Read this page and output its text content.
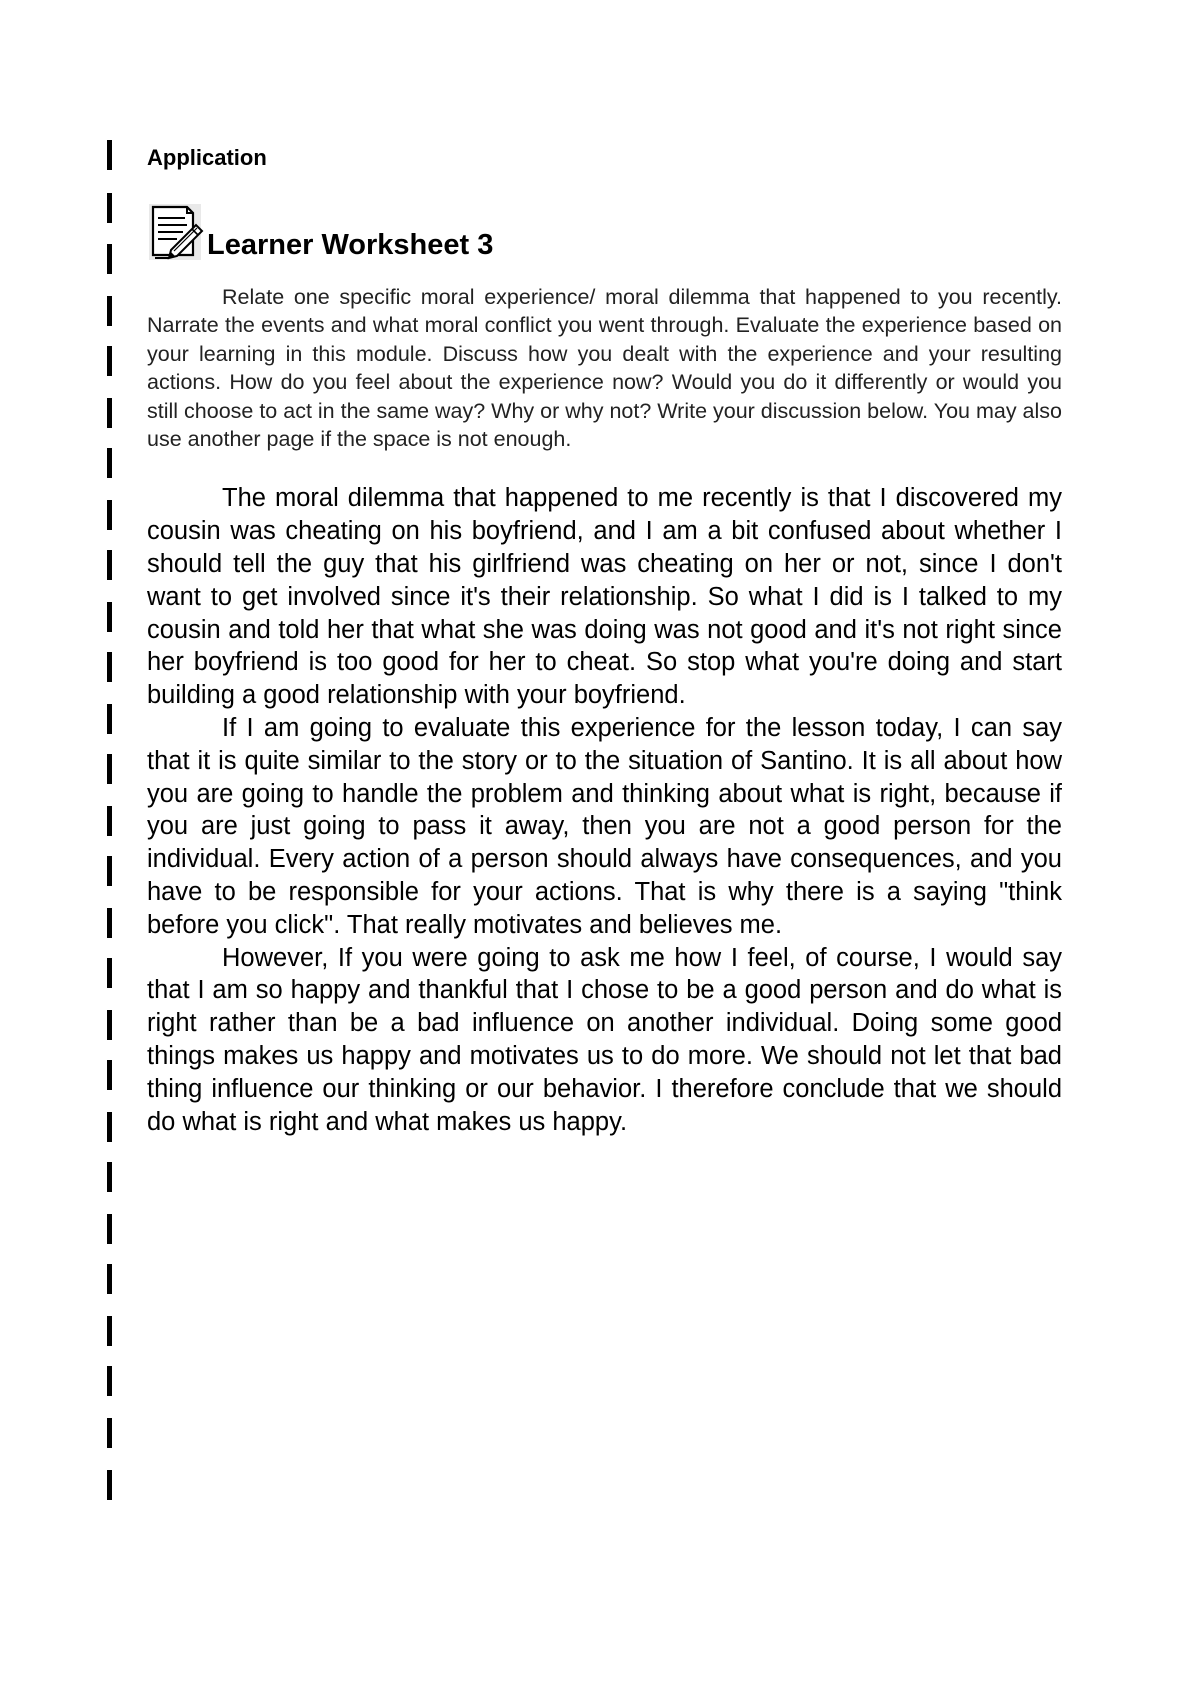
Application
Learner Worksheet 3

Relate one specific moral experience/ moral dilemma that happened to you recently. Narrate the events and what moral conflict you went through. Evaluate the experience based on your learning in this module. Discuss how you dealt with the experience and your resulting actions. How do you feel about the experience now? Would you do it differently or would you still choose to act in the same way? Why or why not? Write your discussion below. You may also use another page if the space is not enough.

The moral dilemma that happened to me recently is that I discovered my cousin was cheating on his boyfriend, and I am a bit confused about whether I should tell the guy that his girlfriend was cheating on her or not, since I don't want to get involved since it's their relationship. So what I did is I talked to my cousin and told her that what she was doing was not good and it's not right since her boyfriend is too good for her to cheat. So stop what you're doing and start building a good relationship with your boyfriend.

If I am going to evaluate this experience for the lesson today, I can say that it is quite similar to the story or to the situation of Santino. It is all about how you are going to handle the problem and thinking about what is right, because if you are just going to pass it away, then you are not a good person for the individual. Every action of a person should always have consequences, and you have to be responsible for your actions. That is why there is a saying "think before you click". That really motivates and believes me.

However, If you were going to ask me how I feel, of course, I would say that I am so happy and thankful that I chose to be a good person and do what is right rather than be a bad influence on another individual. Doing some good things makes us happy and motivates us to do more. We should not let that bad thing influence our thinking or our behavior. I therefore conclude that we should do what is right and what makes us happy.
